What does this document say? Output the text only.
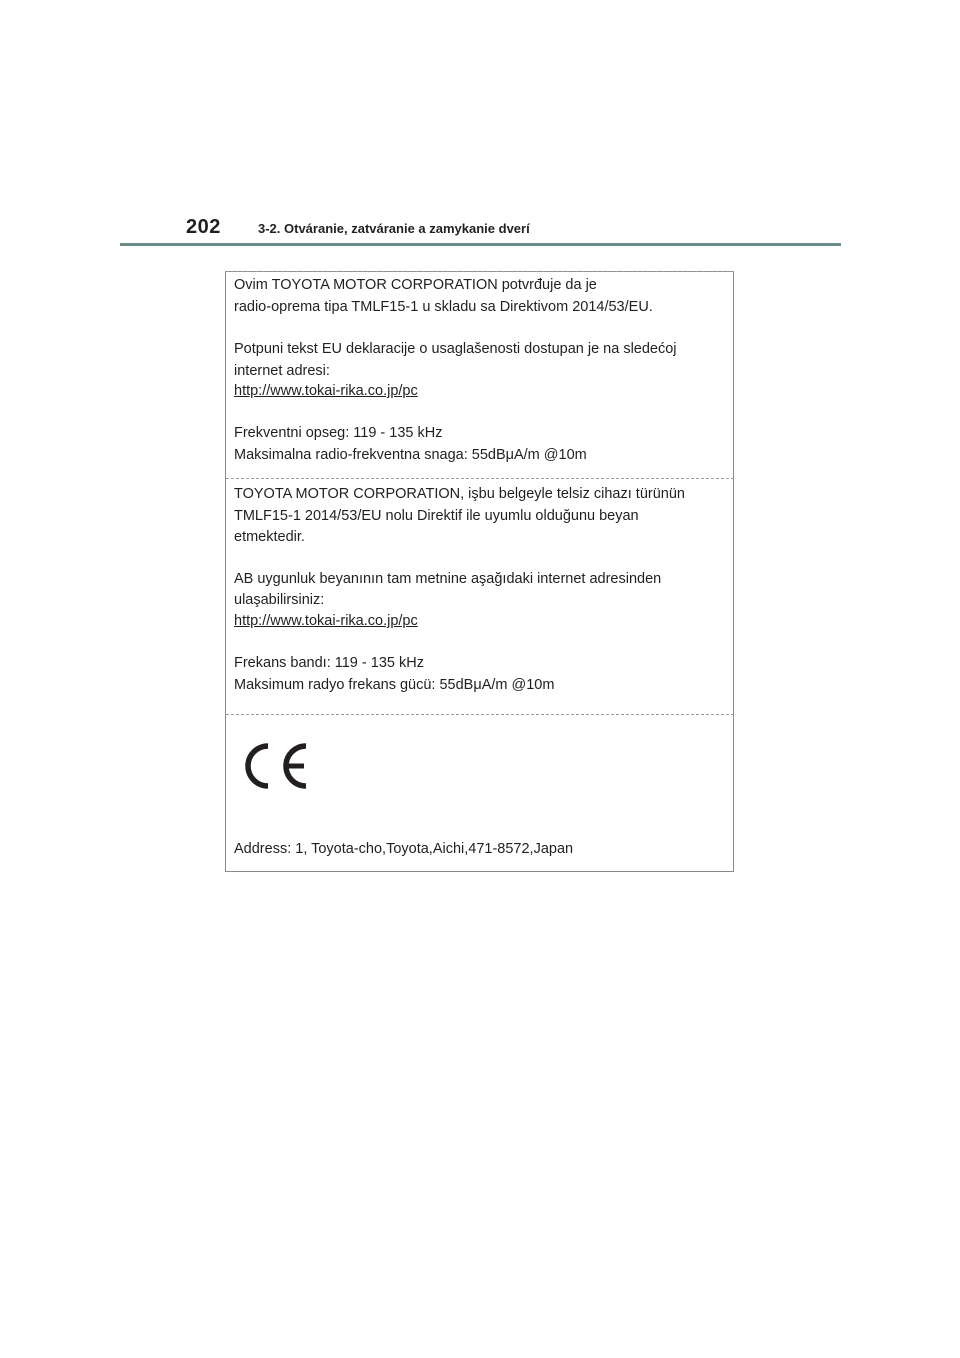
202	3-2. Otváranie, zatváranie a zamykanie dverí
Ovim TOYOTA MOTOR CORPORATION potvrđuje da je
radio-oprema tipa TMLF15-1 u skladu sa Direktivom 2014/53/EU.
Potpuni tekst EU deklaracije o usaglašenosti dostupan je na sledećoj
internet adresi:
http://www.tokai-rika.co.jp/pc
Frekventni opseg: 119 - 135 kHz
Maksimalna radio-frekventna snaga: 55dBμA/m @10m
TOYOTA MOTOR CORPORATION, işbu belgeyle telsiz cihazı türünün
TMLF15-1 2014/53/EU nolu Direktif ile uyumlu olduğunu beyan
etmektedir.
AB uygunluk beyanının tam metnine aşağıdaki internet adresinden
ulaşabilirsiniz:
http://www.tokai-rika.co.jp/pc
Frekans bandı: 119 - 135 kHz
Maksimum radyo frekans gücü: 55dBμA/m @10m
Address: 1, Toyota-cho,Toyota,Aichi,471-8572,Japan
